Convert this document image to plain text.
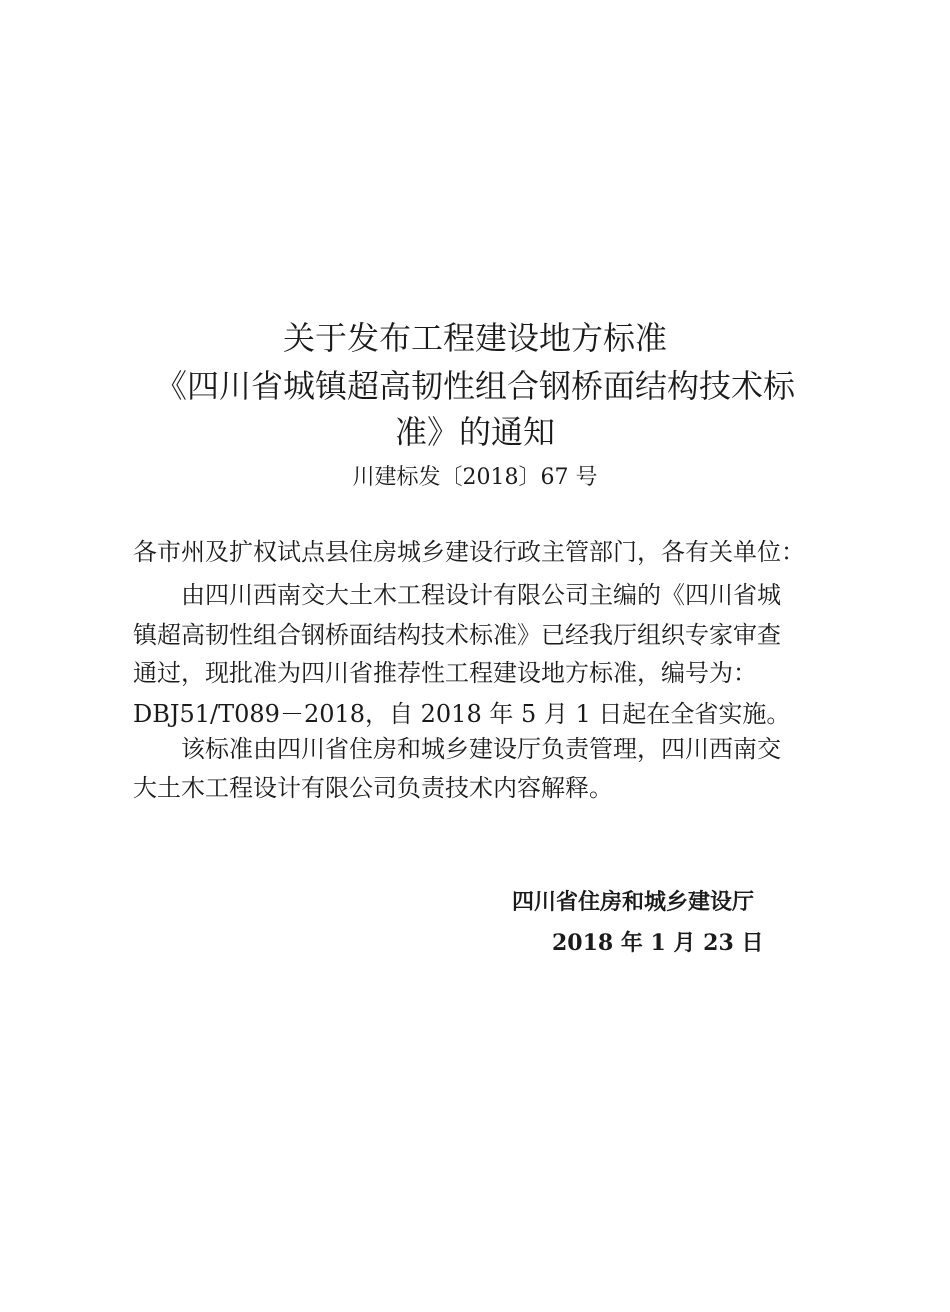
关于发布工程建设地方标准
《四川省城镇超高韧性组合钢桥面结构技术标
准》的通知
川建标发〔2018〕67 号
各市州及扩权试点县住房城乡建设行政主管部门，各有关单位：
由四川西南交大土木工程设计有限公司主编的《四川省城
镇超高韧性组合钢桥面结构技术标准》已经我厅组织专家审查
通过，现批准为四川省推荐性工程建设地方标准，编号为：
DBJ51/T089－2018，自 2018 年 5 月 1 日起在全省实施。
该标准由四川省住房和城乡建设厅负责管理，四川西南交
大土木工程设计有限公司负责技术内容解释。
四川省住房和城乡建设厅
2018 年 1 月 23 日
